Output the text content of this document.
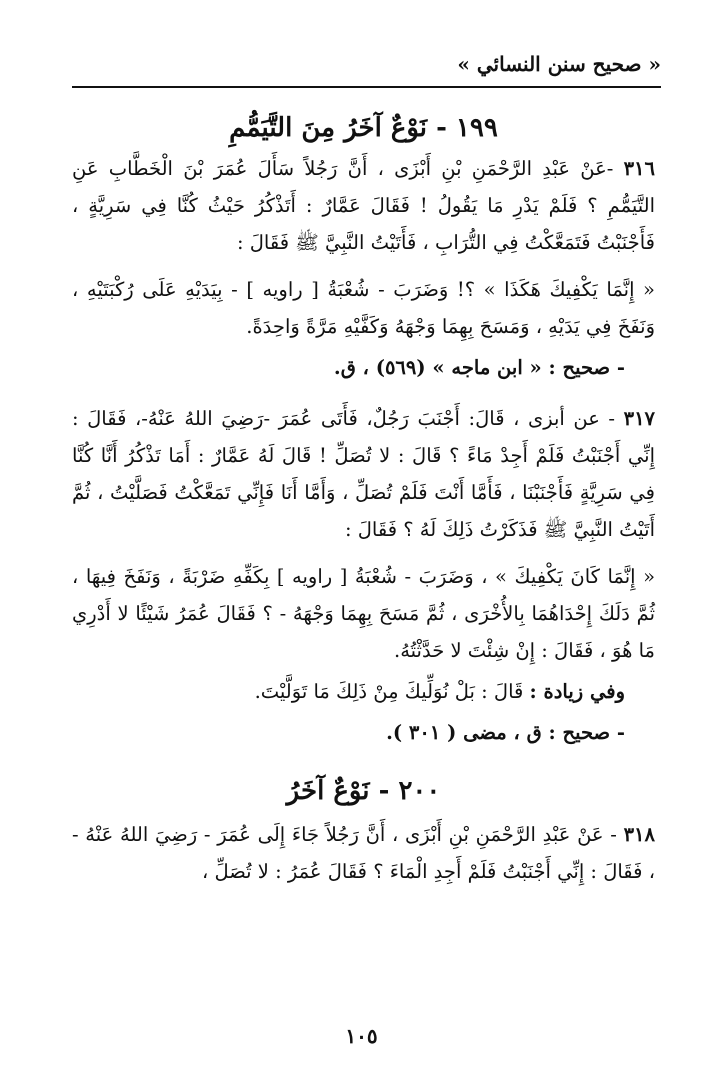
« صحيح سنن النسائي »
١٩٩ - نَوْعٌ آخَرُ مِنَ التَّيَمُّمِ

٣١٦ -عَنْ عَبْدِ الرَّحْمَنِ بْنِ أَبْزَى ، أَنَّ رَجُلاً سَأَلَ عُمَرَ بْنَ الْخَطَّابِ عَنِ التَّيَمُّمِ ؟ فَلَمْ يَدْرِ مَا يَقُولُ ! فَقَالَ عَمَّارٌ : أَتَذْكُرُ حَيْثُ كُنَّا فِي سَرِيَّةٍ ، فَأَجْنَبْتُ فَتَمَعَّكْتُ فِي التُّرَابِ ، فَأَتَيْتُ النَّبِيَّ ﷺ فَقَالَ :

« إِنَّمَا يَكْفِيكَ هَكَذَا » ؟! وَضَرَبَ - شُعْبَةُ [ راويه ] - بِيَدَيْهِ عَلَى رُكْبَتَيْهِ ، وَنَفَخَ فِي يَدَيْهِ ، وَمَسَحَ بِهِمَا وَجْهَهُ وَكَفَّيْهِ مَرَّةً وَاحِدَةً.

- صحيح : « ابن ماجه » (٥٦٩) ، ق.

٣١٧ - عن أبزى ، قَالَ: أَجْنَبَ رَجُلٌ، فَأَتَى عُمَرَ -رَضِيَ اللهُ عَنْهُ-، فَقَالَ : إِنِّي أَجْنَبْتُ فَلَمْ أَجِدْ مَاءً ؟ قَالَ : لا تُصَلِّ ! قَالَ لَهُ عَمَّارٌ : أَمَا تَذْكُرُ أَنَّا كُنَّا فِي سَرِيَّةٍ فَأَجْنَبْنَا ، فَأَمَّا أَنْتَ فَلَمْ تُصَلِّ ، وَأَمَّا أَنَا فَإِنِّي تَمَعَّكْتُ فَصَلَّيْتُ ، ثُمَّ أَتَيْتُ النَّبِيَّ ﷺ فَذَكَرْتُ ذَلِكَ لَهُ ؟ فَقَالَ :

« إِنَّمَا كَانَ يَكْفِيكَ » ، وَضَرَبَ - شُعْبَةُ [ راويه ] بِكَفِّهِ ضَرْبَةً ، وَنَفَخَ فِيهَا ، ثُمَّ دَلَكَ إِحْدَاهُمَا بِالأُخْرَى ، ثُمَّ مَسَحَ بِهِمَا وَجْهَهُ - ؟ فَقَالَ عُمَرُ شَيْئًا لا أَدْرِي مَا هُوَ ، فَقَالَ : إِنْ شِئْتَ لا حَدَّثْتُهُ.

وفي زيادة : قَالَ : بَلْ نُوَلِّيكَ مِنْ ذَلِكَ مَا تَوَلَّيْتَ.

- صحيح : ق ، مضى ( ٣٠١ ).

٢٠٠ - نَوْعٌ آخَرُ

٣١٨ - عَنْ عَبْدِ الرَّحْمَنِ بْنِ أَبْزَى ، أَنَّ رَجُلاً جَاءَ إِلَى عُمَرَ - رَضِيَ اللهُ عَنْهُ - ، فَقَالَ : إِنِّي أَجْنَبْتُ فَلَمْ أَجِدِ الْمَاءَ ؟ فَقَالَ عُمَرُ : لا تُصَلِّ ،

١٠٥
